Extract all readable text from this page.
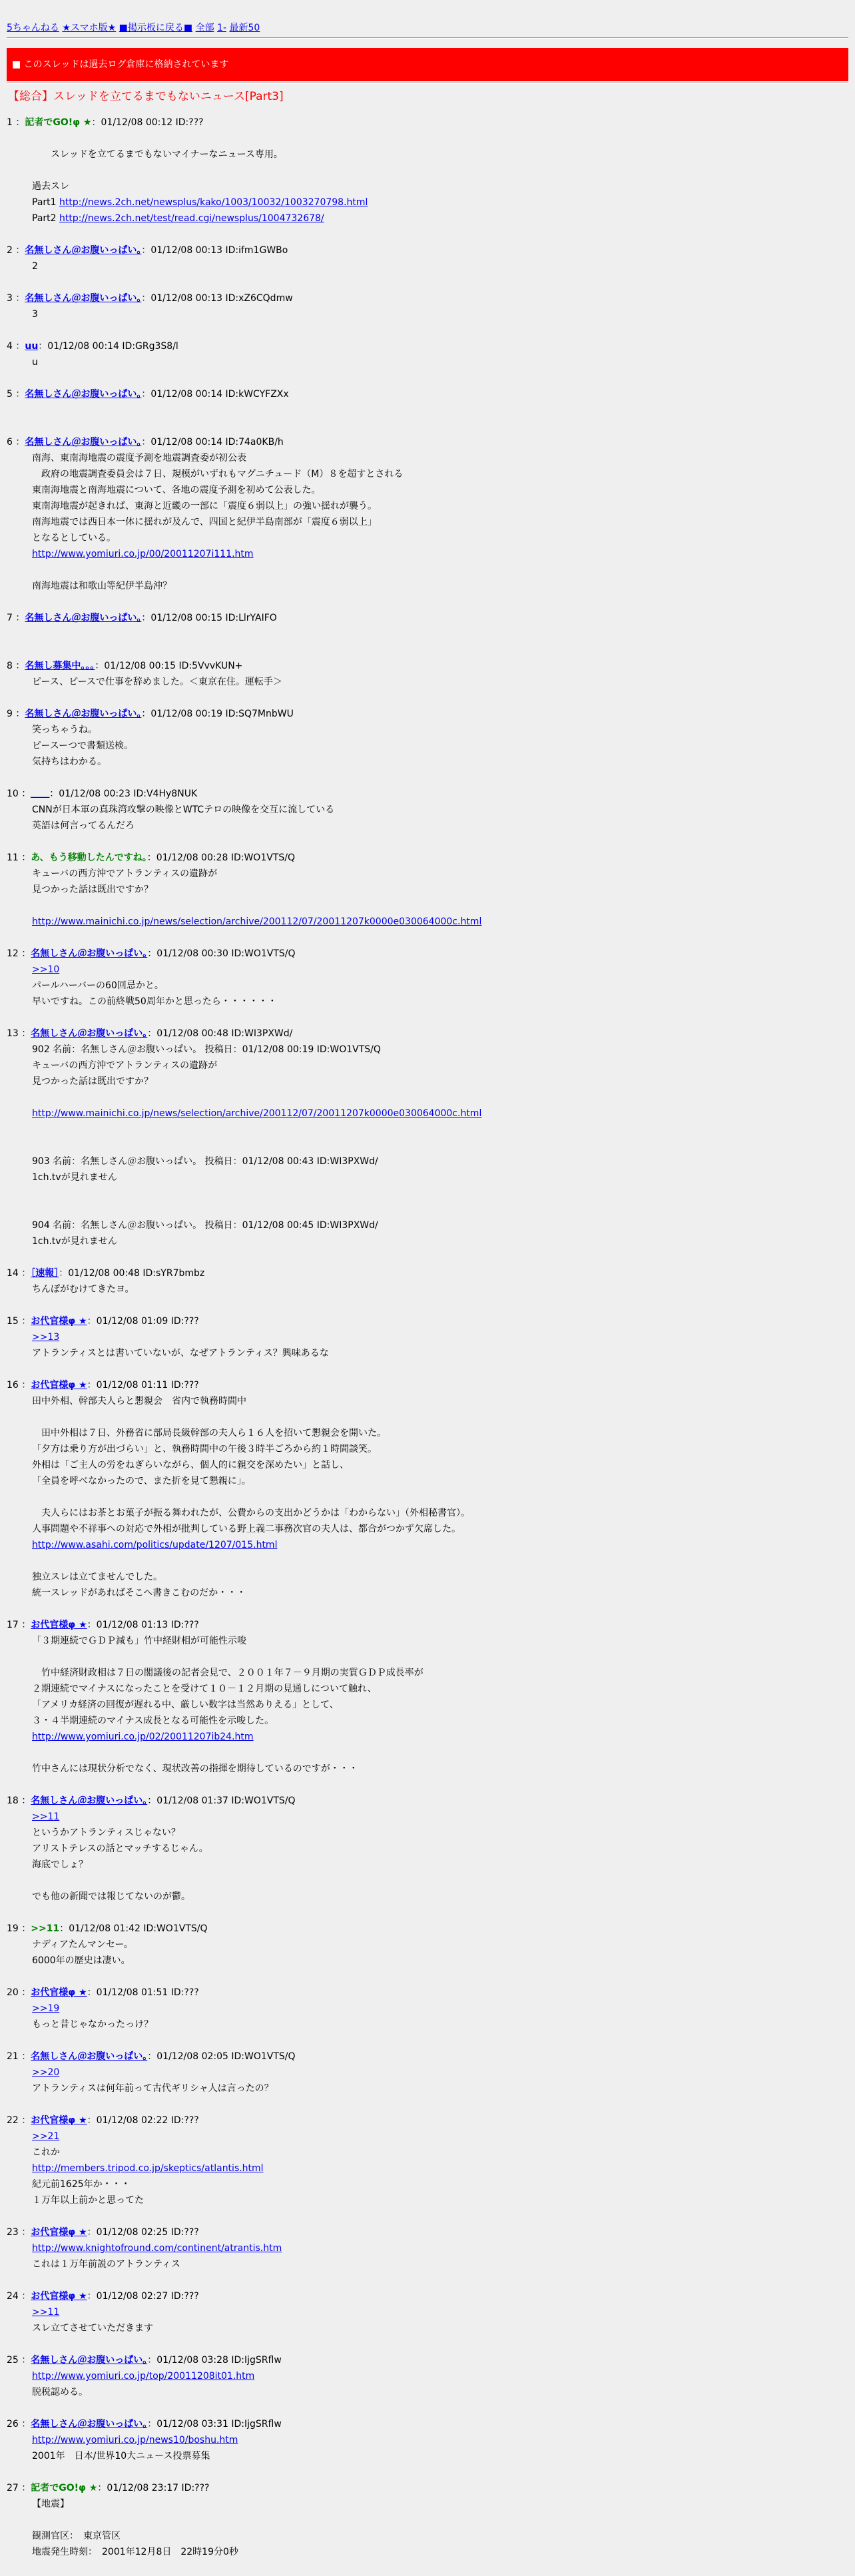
5ちゃんねる ★スマホ版★ ■掲示板に戻る■ 全部 1- 最新50
■ このスレッドは過去ログ倉庫に格納されています
【総合】スレッドを立てるまでもないニュース[Part3]
1 ：記者でGO!φ ★：01/12/08 00:12 ID:???

　　スレッドを立てるまでもないマイナーなニュース専用。

過去スレ
Part1 http://news.2ch.net/newsplus/kako/1003/10032/1003270798.html
Part2 http://news.2ch.net/test/read.cgi/newsplus/1004732678/
2 ：名無しさん＠お腹いっぱい。：01/12/08 00:13 ID:ifm1GWBo
2
3 ：名無しさん＠お腹いっぱい。：01/12/08 00:13 ID:xZ6CQdmw
3
4 ：uu：01/12/08 00:14 ID:GRg3S8/l
u
5 ：名無しさん＠お腹いっぱい。：01/12/08 00:14 ID:kWCYFZXx

6 ：名無しさん＠お腹いっぱい。：01/12/08 00:14 ID:74a0KB/h
南海、東南海地震の震度予測を地震調査委が初公表
　政府の地震調査委員会は７日、規模がいずれもマグニチュード（M）８を超すとされる
東南海地震と南海地震について、各地の震度予測を初めて公表した。
東南海地震が起きれば、東海と近畿の一部に「震度６弱以上」の強い揺れが襲う。
南海地震では西日本一体に揺れが及んで、四国と紀伊半島南部が「震度６弱以上」
となるとしている。
http://www.yomiuri.co.jp/00/20011207i111.htm

南海地震は和歌山等紀伊半島沖？
7 ：名無しさん＠お腹いっぱい。：01/12/08 00:15 ID:LlrYAIFO

8 ：名無し募集中。。。：01/12/08 00:15 ID:5VvvKUN+
ピース、ピースで仕事を辞めました。＜東京在住。運転手＞
9 ：名無しさん＠お腹いっぱい。：01/12/08 00:19 ID:SQ7MnbWU
笑っちゃうね。
ピースーつで書類送検。
気持ちはわかる。
10 ：＿＿：01/12/08 00:23 ID:V4Hy8NUK
CNNが日本軍の真珠湾攻撃の映像とWTCテロの映像を交互に流している
英語は何言ってるんだろ
11 ：あ、もう移動したんですね。：01/12/08 00:28 ID:WO1VTS/Q
キューバの西方沖でアトランティスの遺跡が
見つかった話は既出ですか？

http://www.mainichi.co.jp/news/selection/archive/200112/07/20011207k0000e030064000c.html
12 ：名無しさん＠お腹いっぱい。：01/12/08 00:30 ID:WO1VTS/Q
>>10
パールハーバーの60回忌かと。
早いですね。この前終戦50周年かと思ったら・・・・・・
13 ：名無しさん＠お腹いっぱい。：01/12/08 00:48 ID:WI3PXWd/
902 名前：名無しさん＠お腹いっぱい。 投稿日：01/12/08 00:19 ID:WO1VTS/Q
キューバの西方沖でアトランティスの遺跡が
見つかった話は既出ですか？

http://www.mainichi.co.jp/news/selection/archive/200112/07/20011207k0000e030064000c.html

903 名前：名無しさん＠お腹いっぱい。 投稿日：01/12/08 00:43 ID:WI3PXWd/
1ch.tvが見れません

904 名前：名無しさん＠お腹いっぱい。 投稿日：01/12/08 00:45 ID:WI3PXWd/
1ch.tvが見れません
14 ：［速報］：01/12/08 00:48 ID:sYR7bmbz
ちんぽがむけてきたヨ。
15 ：お代官様φ ★：01/12/08 01:09 ID:???
>>13
アトランティスとは書いていないが、なぜアトランティス？興味あるな
16 ：お代官様φ ★：01/12/08 01:11 ID:???
田中外相、幹部夫人らと懇親会　省内で執務時間中

　田中外相は７日、外務省に部局長級幹部の夫人ら１６人を招いて懇親会を開いた。
「夕方は乗り方が出づらい」と、執務時間中の午後３時半ごろから約１時間談笑。
外相は「ご主人の労をねぎらいながら、個人的に親交を深めたい」と話し、
「全員を呼べなかったので、また折を見て懇親に」。

　夫人らにはお茶とお菓子が振る舞われたが、公費からの支出かどうかは「わからない」（外相秘書官）。
人事問題や不祥事への対応で外相が批判している野上義二事務次官の夫人は、都合がつかず欠席した。
http://www.asahi.com/politics/update/1207/015.html

独立スレは立てませんでした。
統一スレッドがあればそこへ書きこむのだか・・・
17 ：お代官様φ ★：01/12/08 01:13 ID:???
「３期連続でＧＤＰ減も」竹中経財相が可能性示唆

　竹中経済財政相は７日の閣議後の記者会見で、２００１年７－９月期の実質ＧＤＰ成長率が
２期連続でマイナスになったことを受けて１０－１２月期の見通しについて触れ、
「アメリカ経済の回復が遅れる中、厳しい数字は当然ありえる」として、
３・４半期連続のマイナス成長となる可能性を示唆した。
http://www.yomiuri.co.jp/02/20011207ib24.htm

竹中さんには現状分析でなく、現状改善の指揮を期待しているのですが・・・
18 ：名無しさん＠お腹いっぱい。：01/12/08 01:37 ID:WO1VTS/Q
>>11
というかアトランティスじゃない？
アリストテレスの話とマッチするじゃん。
海底でしょ？

でも他の新聞では報じてないのが鬱。
19 ：>>11：01/12/08 01:42 ID:WO1VTS/Q
ナディアたんマンセー。
6000年の歴史は凄い。
20 ：お代官様φ ★：01/12/08 01:51 ID:???
>>19
もっと昔じゃなかったっけ？
21 ：名無しさん＠お腹いっぱい。：01/12/08 02:05 ID:WO1VTS/Q
>>20
アトランティスは何年前って古代ギリシャ人は言ったの？
22 ：お代官様φ ★：01/12/08 02:22 ID:???
>>21
これか
http://members.tripod.co.jp/skeptics/atlantis.html
紀元前1625年か・・・
１万年以上前かと思ってた
23 ：お代官様φ ★：01/12/08 02:25 ID:???
http://www.knightofround.com/continent/atrantis.htm
これは１万年前説のアトランティス
24 ：お代官様φ ★：01/12/08 02:27 ID:???
>>11
スレ立てさせていただきます
25 ：名無しさん＠お腹いっぱい。：01/12/08 03:28 ID:IjgSRflw
http://www.yomiuri.co.jp/top/20011208it01.htm
脱税認める。
26 ：名無しさん＠お腹いっぱい。：01/12/08 03:31 ID:IjgSRflw
http://www.yomiuri.co.jp/news10/boshu.htm
2001年　日本/世界10大ニュース投票募集
27 ：記者でGO!φ ★：01/12/08 23:17 ID:???
【地震】

観測官区：　東京管区
地震発生時刻：　2001年12月8日　22時19分0秒
